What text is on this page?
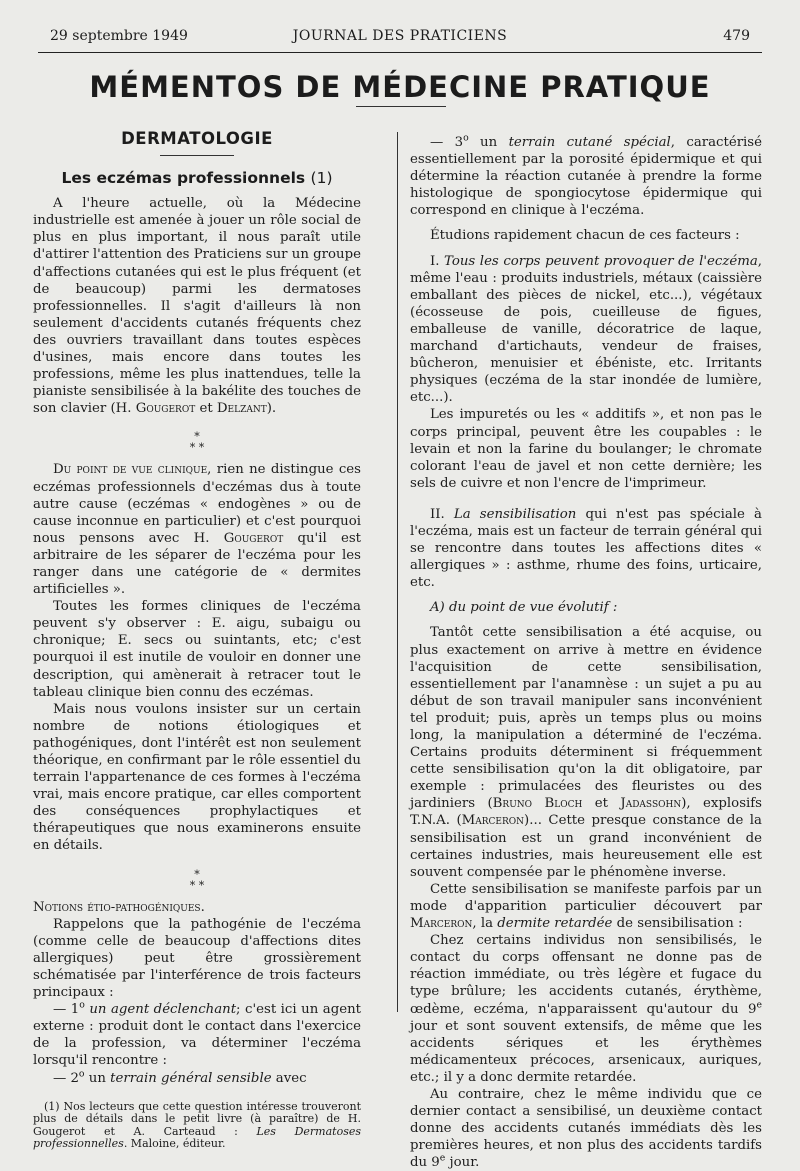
29 septembre 1949	JOURNAL DES PRATICIENS	479
MÉMENTOS DE MÉDECINE PRATIQUE
DERMATOLOGIE
Les eczémas professionnels (1)

A l'heure actuelle, où la Médecine industrielle est amenée à jouer un rôle social de plus en plus important, il nous paraît utile d'attirer l'attention des Praticiens sur un groupe d'affections cutanées qui est le plus fréquent (et de beaucoup) parmi les dermatoses professionnelles. Il s'agit d'ailleurs là non seulement d'accidents cutanés fréquents chez des ouvriers travaillant dans toutes espèces d'usines, mais encore dans toutes les professions, même les plus inattendues, telle la pianiste sensibilisée à la bakélite des touches de son clavier (H. Gougerot et Delzant).

*
* *

Du point de vue clinique, rien ne distingue ces eczémas professionnels d'eczémas dus à toute autre cause (eczémas « endogènes » ou de cause inconnue en particulier) et c'est pourquoi nous pensons avec H. Gougerot qu'il est arbitraire de les séparer de l'eczéma pour les ranger dans une catégorie de « dermites artificielles ».

Toutes les formes cliniques de l'eczéma peuvent s'y observer : E. aigu, subaigu ou chronique; E. secs ou suintants, etc; c'est pourquoi il est inutile de vouloir en donner une description, qui amènerait à retracer tout le tableau clinique bien connu des eczémas.

Mais nous voulons insister sur un certain nombre de notions étiologiques et pathogéniques, dont l'intérêt est non seulement théorique, en confirmant par le rôle essentiel du terrain l'appartenance de ces formes à l'eczéma vrai, mais encore pratique, car elles comportent des conséquences prophylactiques et thérapeutiques que nous examinerons ensuite en détails.

*
* *

Notions étio-pathogéniques.

Rappelons que la pathogénie de l'eczéma (comme celle de beaucoup d'affections dites allergiques) peut être grossièrement schématisée par l'interférence de trois facteurs principaux :

— 1$^o$ un agent déclenchant; c'est ici un agent externe : produit dont le contact dans l'exercice de la profession, va déterminer l'eczéma lorsqu'il rencontre :

— 2$^o$ un terrain général sensible avec

(1) Nos lecteurs que cette question intéresse trouveront plus de détails dans le petit livre (à paraître) de H. Gougerot et A. Carteaud : Les Dermatoses professionnelles. Maloine, éditeur.

— 3$^o$ un terrain cutané spécial, caractérisé essentiellement par la porosité épidermique et qui détermine la réaction cutanée à prendre la forme histologique de spongiocytose épidermique qui correspond en clinique à l'eczéma.

Étudions rapidement chacun de ces facteurs :

I. Tous les corps peuvent provoquer de l'eczéma, même l'eau : produits industriels, métaux (caissière emballant des pièces de nickel, etc...), végétaux (écosseuse de pois, cueilleuse de figues, emballeuse de vanille, décoratrice de laque, marchand d'artichauts, vendeur de fraises, bûcheron, menuisier et ébéniste, etc. Irritants physiques (eczéma de la star inondée de lumière, etc...).

Les impuretés ou les « additifs », et non pas le corps principal, peuvent être les coupables : le levain et non la farine du boulanger; le chromate colorant l'eau de javel et non cette dernière; les sels de cuivre et non l'encre de l'imprimeur.

II. La sensibilisation qui n'est pas spéciale à l'eczéma, mais est un facteur de terrain général qui se rencontre dans toutes les affections dites « allergiques » : asthme, rhume des foins, urticaire, etc.

A) du point de vue évolutif :

Tantôt cette sensibilisation a été acquise, ou plus exactement on arrive à mettre en évidence l'acquisition de cette sensibilisation, essentiellement par l'anamnèse : un sujet a pu au début de son travail manipuler sans inconvénient tel produit; puis, après un temps plus ou moins long, la manipulation a déterminé de l'eczéma. Certains produits déterminent si fréquemment cette sensibilisation qu'on la dit obligatoire, par exemple : primulacées des fleuristes ou des jardiniers (Bruno Bloch et Jadassohn), explosifs T.N.A. (Marceron)... Cette presque constance de la sensibilisation est un grand inconvénient de certaines industries, mais heureusement elle est souvent compensée par le phénomène inverse.

Cette sensibilisation se manifeste parfois par un mode d'apparition particulier découvert par Marceron, la dermite retardée de sensibilisation :

Chez certains individus non sensibilisés, le contact du corps offensant ne donne pas de réaction immédiate, ou très légère et fugace du type brûlure; les accidents cutanés, érythème, œdème, eczéma, n'apparaissent qu'autour du 9e jour et sont souvent extensifs, de même que les accidents sériques et les érythèmes médicamenteux précoces, arsenicaux, auriques, etc.; il y a donc dermite retardée.

Au contraire, chez le même individu que ce dernier contact a sensibilisé, un deuxième contact donne des accidents cutanés immédiats dès les premières heures, et non plus des accidents tardifs du 9e jour.
